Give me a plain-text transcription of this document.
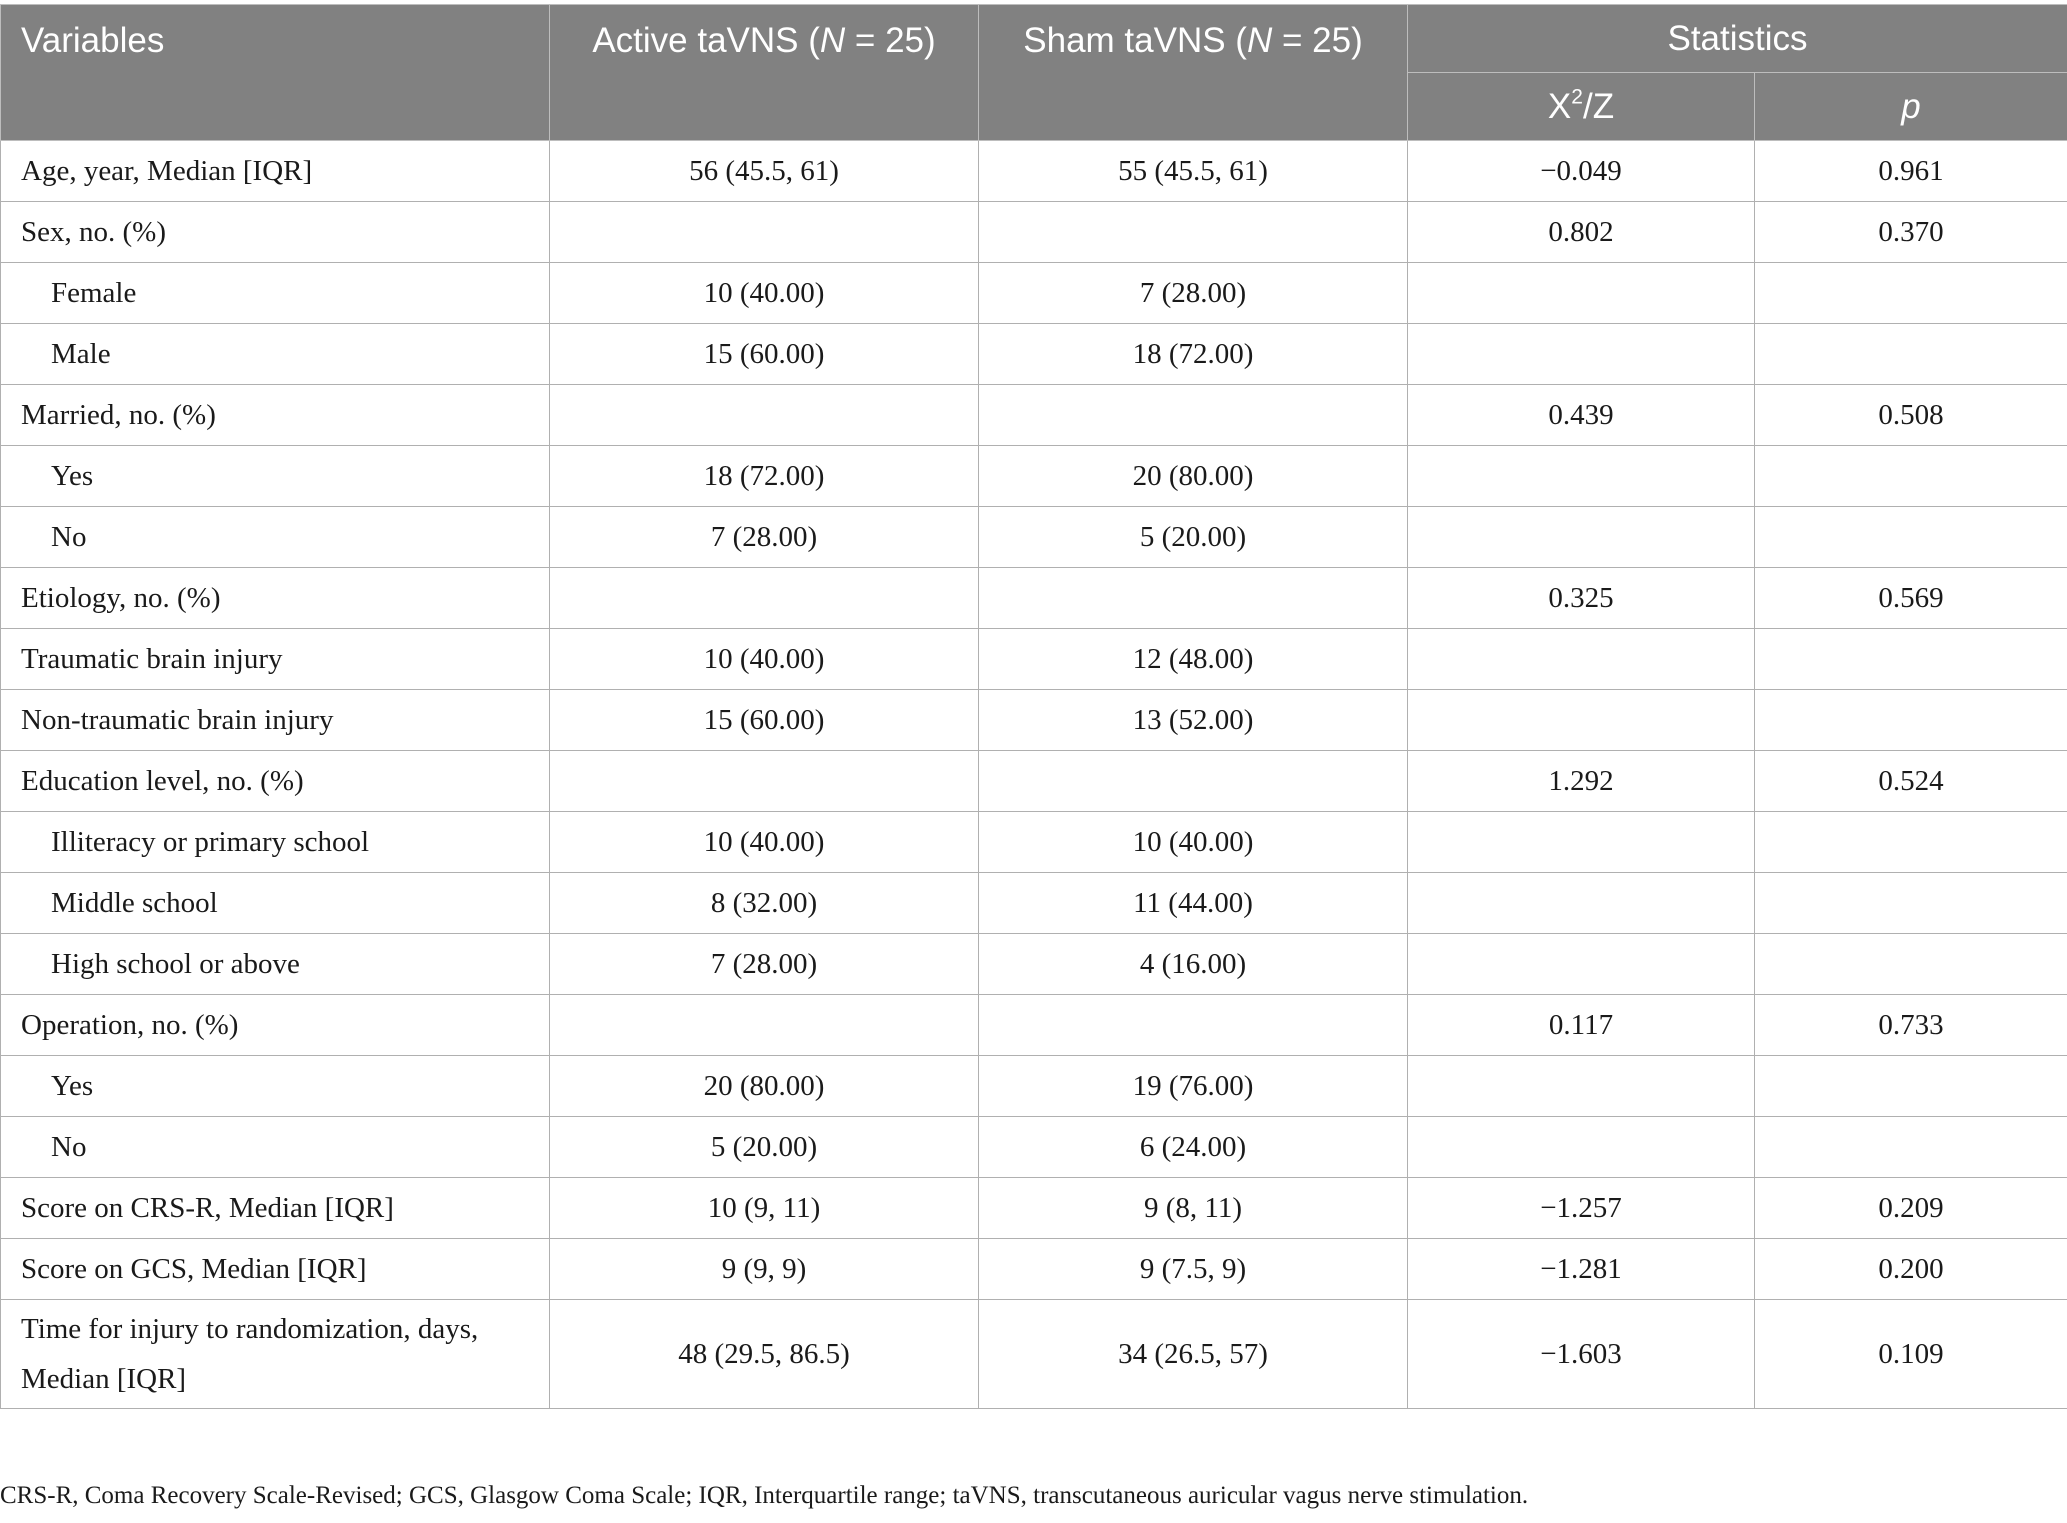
Variables	Active taVNS (N = 25)	Sham taVNS (N = 25)	Statistics	
			$X^2/Z$	p
Age, year, Median [IQR]	56 (45.5, 61)	55 (45.5, 61)	−0.049	0.961
Sex, no. (%)			0.802	0.370
Female	10 (40.00)	7 (28.00)		
Male	15 (60.00)	18 (72.00)		
Married, no. (%)			0.439	0.508
Yes	18 (72.00)	20 (80.00)		
No	7 (28.00)	5 (20.00)		
Etiology, no. (%)			0.325	0.569
Traumatic brain injury	10 (40.00)	12 (48.00)		
Non-traumatic brain injury	15 (60.00)	13 (52.00)		
Education level, no. (%)			1.292	0.524
Illiteracy or primary school	10 (40.00)	10 (40.00)		
Middle school	8 (32.00)	11 (44.00)		
High school or above	7 (28.00)	4 (16.00)		
Operation, no. (%)			0.117	0.733
Yes	20 (80.00)	19 (76.00)		
No	5 (20.00)	6 (24.00)		
Score on CRS-R, Median [IQR]	10 (9, 11)	9 (8, 11)	−1.257	0.209
Score on GCS, Median [IQR]	9 (9, 9)	9 (7.5, 9)	−1.281	0.200
Time for injury to randomization, days,
Median [IQR]	48 (29.5, 86.5)	34 (26.5, 57)	−1.603	0.109
CRS-R, Coma Recovery Scale-Revised; GCS, Glasgow Coma Scale; IQR, Interquartile range; taVNS, transcutaneous auricular vagus nerve stimulation.
